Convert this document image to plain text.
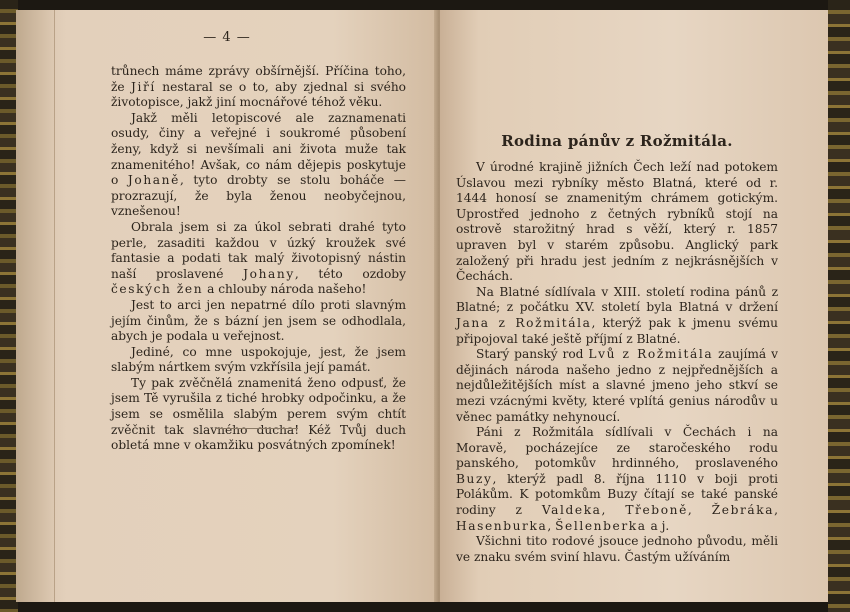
— 4 —

trůnech máme zprávy obšírnější. Příčina toho, že Jiří nestaral se o to, aby zjednal si svého životopisce, jakž jiní mocnářové téhož věku.

Jakž měli letopiscové ale zaznamenati osudy, činy a veřejné i soukromé působení ženy, když si nevšímali ani života muže tak znamenitého! Avšak, co nám dějepis poskytuje o Johaně, tyto drobty se stolu boháče — prozrazují, že byla ženou neobyčejnou, vznešenou!

Obrala jsem si za úkol sebrati drahé tyto perle, zasaditi každou v úzký kroužek své fantasie a podati tak malý životopisný nástin naší proslavené Johany, této ozdoby českých žen a chlouby národa našeho!

Jest to arci jen nepatrné dílo proti slavným jejím činům, že s bázní jen jsem se odhodlala, abych je podala u veřejnost.

Jediné, co mne uspokojuje, jest, že jsem slabým nártkem svým vzkřísila její památ.

Ty pak zvěčnělá znamenitá ženo odpusť, že jsem Tě vyrušila z tiché hrobky odpočinku, a že jsem se osmělila slabým perem svým chtít zvěčnit tak slavného ducha! Kéž Tvůj duch obletá mne v okamžiku posvátných zpomínek!

Rodina pánův z Rožmitála.

V úrodné krajině jižních Čech leží nad potokem Úslavou mezi rybníky město Blatná, které od r. 1444 honosí se znamenitým chrámem gotickým. Uprostřed jednoho z četných rybníků stojí na ostrově starožitný hrad s věží, který r. 1857 upraven byl v starém způsobu. Anglický park založený při hradu jest jedním z nejkrásnějších v Čechách.

Na Blatné sídlívala v XIII. století rodina pánů z Blatné; z počátku XV. století byla Blatná v držení Jana z Rožmitála, kterýž pak k jmenu svému připojoval také ještě příjmí z Blatné.

Starý panský rod Lvů z Rožmitála zaujímá v dějinách národa našeho jedno z nejpřednějších a nejdůležitějších míst a slavné jmeno jeho stkví se mezi vzácnými květy, které vplítá genius národův u věnec památky nehynoucí.

Páni z Rožmitála sídlívali v Čechách i na Moravě, pocházejíce ze staročeského rodu panského, potomkův hrdinného, proslaveného Buzy, kterýž padl 8. října 1110 v boji proti Polákům. K potomkům Buzy čítají se také panské rodiny z Valdeka, Třeboně, Žebráka, Hasenburka, Šellenberka a j.

Všichni tito rodové jsouce jednoho původu, měli ve znaku svém sviní hlavu. Častým užíváním
